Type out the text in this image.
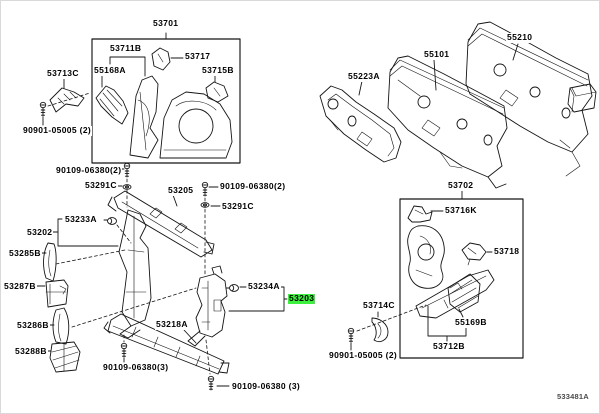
53701
53711B
53717
55168A	53715B
53713C
90901-05005 (2)
90109-06380(2)
53291C	53205	90109-06380(2)
53291C
53233A
53202
53285B
53287B
53286B
53288B
53218A
53234A
53203
90109-06380(3)
90109-06380 (3)
55223A
55101
55210
53702
53716K
53718
55169B
53712B
53714C
90901-05005 (2)
533481A
